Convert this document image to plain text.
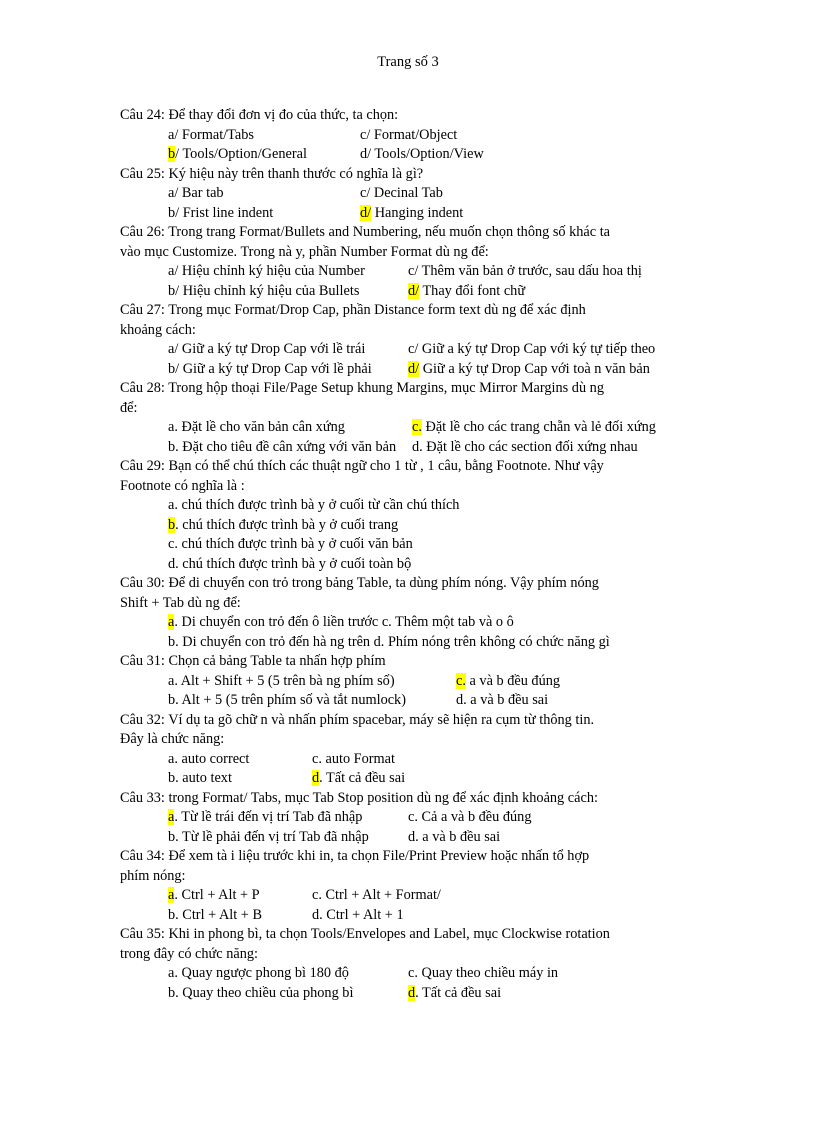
Trang số 3
Câu 24: Để thay đổi đơn vị đo của thức, ta chọn:
a/ Format/Tabs	c/ Format/Object
b/ Tools/Option/General	d/ Tools/Option/View
Câu 25: Ký hiệu này trên thanh thước có nghĩa là gì?
a/ Bar tab	c/ Decinal Tab
b/ Frist line indent	d/ Hanging indent
Câu 26: Trong trang Format/Bullets and Numbering, nếu muốn chọn thông số khác ta
vào mục Customize. Trong nà y, phần Number Format dù ng để:
a/ Hiệu chỉnh ký hiệu của Number	c/ Thêm văn bản ở trước, sau dấu hoa thị
b/ Hiệu chỉnh ký hiệu của Bullets	d/ Thay đổi font chữ
Câu 27: Trong mục Format/Drop Cap, phần Distance form text dù ng để xác định
khoảng cách:
a/ Giữ a ký tự Drop Cap với lề trái	c/ Giữ a ký tự Drop Cap với ký tự tiếp theo
b/ Giữ a ký tự Drop Cap với lề phải	d/ Giữ a ký tự Drop Cap với toà n văn bản
Câu 28: Trong hộp thoại File/Page Setup khung Margins, mục Mirror Margins dù ng
để:
a. Đặt lề cho văn bản cân xứng	c. Đặt lề cho các trang chẵn và lẻ đối xứng
b. Đặt cho tiêu đề cân xứng với văn bản	d. Đặt lề cho các section đối xứng nhau
Câu 29: Bạn có thể chú thích các thuật ngữ cho 1 từ , 1 câu, bằng Footnote. Như vậy
Footnote có nghĩa là :
a. chú thích được trình bà y ở cuối từ cần chú thích
b. chú thích được trình bà y ở cuối trang
c. chú thích được trình bà y ở cuối văn bản
d. chú thích được trình bà y ở cuối toàn bộ
Câu 30: Để di chuyển con trỏ trong bảng Table, ta dùng phím nóng. Vậy phím nóng
Shift + Tab dù ng để:
a. Di chuyển con trỏ đến ô liền trước c. Thêm một tab và o ô
b. Di chuyển con trỏ đến hà ng trên d. Phím nóng trên không có chức năng gì
Câu 31: Chọn cả bảng Table ta nhấn hợp phím
a. Alt + Shift + 5 (5 trên bà ng phím số)	c. a và b đều đúng
b. Alt + 5 (5 trên phím số và tắt numlock)	d. a và b đều sai
Câu 32: Ví dụ ta gõ chữ n và nhấn phím spacebar, máy sẽ hiện ra cụm từ thông tin.
Đây là chức năng:
a. auto correct	c. auto Format
b. auto text	d. Tất cả đều sai
Câu 33: trong Format/ Tabs, mục Tab Stop position dù ng để xác định khoảng cách:
a. Từ lề trái đến vị trí Tab đã nhập	c. Cả a và b đều đúng
b. Từ lề phải đến vị trí Tab đã nhập	d. a và b đều sai
Câu 34: Để xem tà i liệu trước khi in, ta chọn File/Print Preview hoặc nhấn tổ hợp
phím nóng:
a. Ctrl + Alt + P	c. Ctrl + Alt + Format/
b. Ctrl + Alt + B	d. Ctrl + Alt + 1
Câu 35: Khi in phong bì, ta chọn Tools/Envelopes and Label, mục Clockwise rotation
trong đây có chức năng:
a. Quay ngược phong bì 180 độ	c. Quay theo chiều máy in
b. Quay theo chiều của phong bì	d. Tất cả đều sai
